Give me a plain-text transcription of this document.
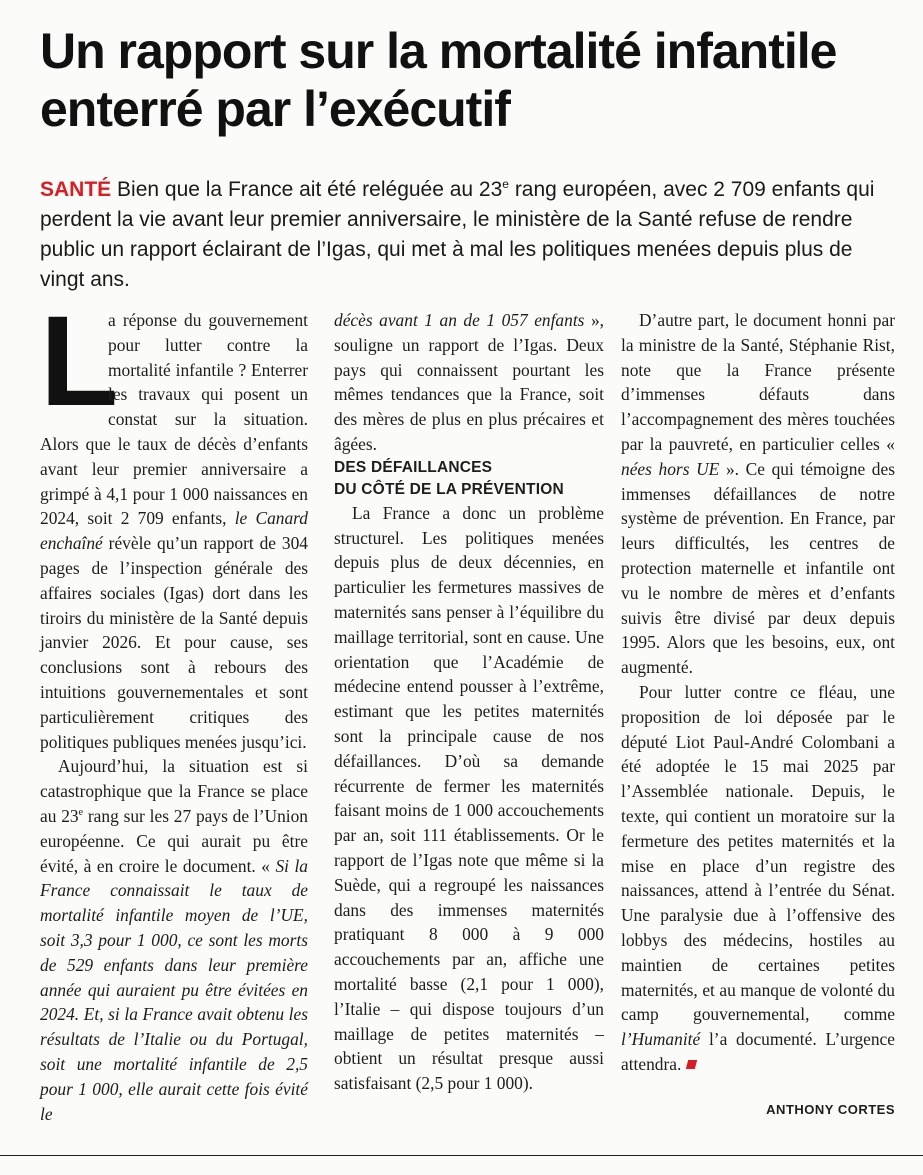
Un rapport sur la mortalité infantile enterré par l’exécutif
SANTÉ Bien que la France ait été reléguée au 23e rang européen, avec 2 709 enfants qui perdent la vie avant leur premier anniversaire, le ministère de la Santé refuse de rendre public un rapport éclairant de l’Igas, qui met à mal les politiques menées depuis plus de vingt ans.

L
a réponse du gouvernement pour lutter contre la mortalité infantile ? Enterrer les travaux qui posent un constat sur la situation. Alors que le taux de décès d’enfants avant leur premier anniversaire a grimpé à 4,1 pour 1 000 naissances en 2024, soit 2 709 enfants, le Canard enchaîné révèle qu’un rapport de 304 pages de l’inspection générale des affaires sociales (Igas) dort dans les tiroirs du ministère de la Santé depuis janvier 2026. Et pour cause, ses conclusions sont à rebours des intuitions gouvernementales et sont particulièrement critiques des politiques publiques menées jusqu’ici.

Aujourd’hui, la situation est si catastrophique que la France se place au 23e rang sur les 27 pays de l’Union européenne. Ce qui aurait pu être évité, à en croire le document. « Si la France connaissait le taux de mortalité infantile moyen de l’UE, soit 3,3 pour 1 000, ce sont les morts de 529 enfants dans leur première année qui auraient pu être évitées en 2024. Et, si la France avait obtenu les résultats de l’Italie ou du Portugal, soit une mortalité infantile de 2,5 pour 1 000, elle aurait cette fois évité le

décès avant 1 an de 1 057 enfants », souligne un rapport de l’Igas. Deux pays qui connaissent pourtant les mêmes tendances que la France, soit des mères de plus en plus précaires et âgées.

DES DÉFAILLANCES
DU CÔTÉ DE LA PRÉVENTION

La France a donc un problème structurel. Les politiques menées depuis plus de deux décennies, en particulier les fermetures massives de maternités sans penser à l’équilibre du maillage territorial, sont en cause. Une orientation que l’Académie de médecine entend pousser à l’extrême, estimant que les petites maternités sont la principale cause de nos défaillances. D’où sa demande récurrente de fermer les maternités faisant moins de 1 000 accouchements par an, soit 111 établissements. Or le rapport de l’Igas note que même si la Suède, qui a regroupé les naissances dans des immenses maternités pratiquant 8 000 à 9 000 accouchements par an, affiche une mortalité basse (2,1 pour 1 000), l’Italie – qui dispose toujours d’un maillage de petites maternités – obtient un résultat presque aussi satisfaisant (2,5 pour 1 000).

D’autre part, le document honni par la ministre de la Santé, Stéphanie Rist, note que la France présente d’immenses défauts dans l’accompagnement des mères touchées par la pauvreté, en particulier celles « nées hors UE ». Ce qui témoigne des immenses défaillances de notre système de prévention. En France, par leurs difficultés, les centres de protection maternelle et infantile ont vu le nombre de mères et d’enfants suivis être divisé par deux depuis 1995. Alors que les besoins, eux, ont augmenté.

Pour lutter contre ce fléau, une proposition de loi déposée par le député Liot Paul-André Colombani a été adoptée le 15 mai 2025 par l’Assemblée nationale. Depuis, le texte, qui contient un moratoire sur la fermeture des petites maternités et la mise en place d’un registre des naissances, attend à l’entrée du Sénat. Une paralysie due à l’offensive des lobbys des médecins, hostiles au maintien de certaines petites maternités, et au manque de volonté du camp gouvernemental, comme l’Humanité l’a documenté. L’urgence attendra.

ANTHONY CORTES
